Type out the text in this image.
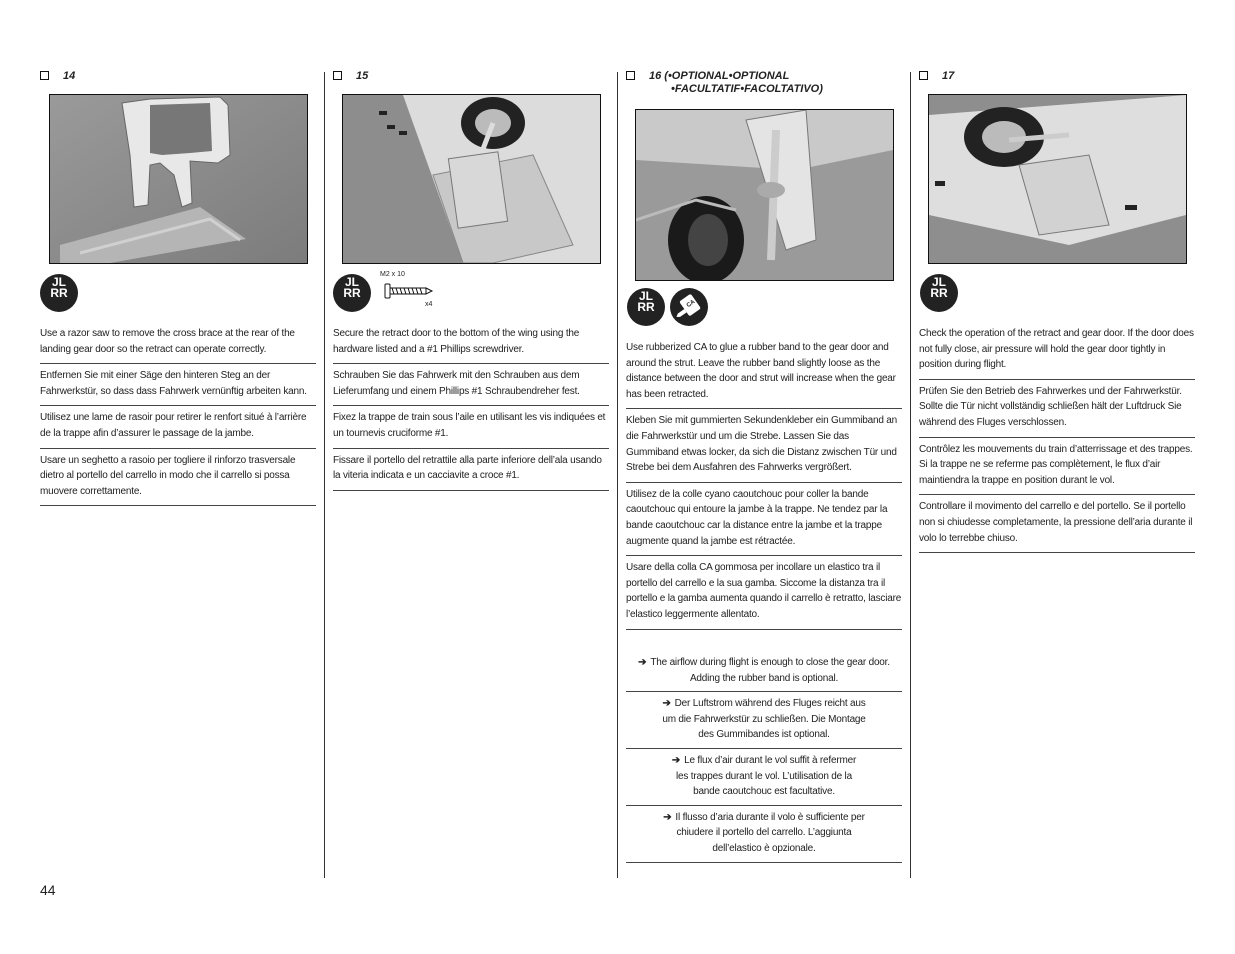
14
JL
RR

Use a razor saw to remove the cross brace at the rear of the landing gear door so the retract can operate correctly.

Entfernen Sie mit einer Säge den hinteren Steg an der Fahrwerkstür, so dass dass Fahrwerk vernünftig arbeiten kann.

Utilisez une lame de rasoir pour retirer le renfort situé à l’arrière de la trappe afin d’assurer le passage de la jambe.

Usare un seghetto a rasoio per togliere il rinforzo trasversale dietro al portello del carrello in modo che il carrello si possa muovere correttamente.

15
JL
RR
M2 x 10
x4

Secure the retract door to the bottom of the wing using the hardware listed and a #1 Phillips screwdriver.

Schrauben Sie das Fahrwerk mit den Schrauben aus dem Lieferumfang und einem Phillips #1 Schraubendreher fest.

Fixez la trappe de train sous l’aile en utilisant les vis indiquées et un tournevis cruciforme #1.

Fissare il portello del retrattile alla parte inferiore dell’ala usando la viteria indicata e un cacciavite a croce #1.

16 (•OPTIONAL•OPTIONAL
•FACULTATIF•FACOLTATIVO)
JL
RR	CA

Use rubberized CA to glue a rubber band to the gear door and around the strut. Leave the rubber band slightly loose as the distance between the door and strut will increase when the gear has been retracted.

Kleben Sie mit gummierten Sekundenkleber ein Gummiband an die Fahrwerkstür und um die Strebe. Lassen Sie das Gummiband etwas locker, da sich die Distanz zwischen Tür und Strebe bei dem Ausfahren des Fahrwerks vergrößert.

Utilisez de la colle cyano caoutchouc pour coller la bande caoutchouc qui entoure la jambe à la trappe. Ne tendez par la bande caoutchouc car la distance entre la jambe et la trappe augmente quand la jambe est rétractée.

Usare della colla CA gommosa per incollare un elastico tra il portello del carrello e la sua gamba. Siccome la distanza tra il portello e la gamba aumenta quando il carrello è retratto, lasciare l’elastico leggermente allentato.

➔ The airflow during flight is enough to close the gear door. Adding the rubber band is optional.
➔ Der Luftstrom während des Fluges reicht aus um die Fahrwerkstür zu schließen. Die Montage des Gummibandes ist optional.
➔ Le flux d’air durant le vol suffit à refermer les trappes durant le vol. L’utilisation de la bande caoutchouc est facultative.
➔ Il flusso d’aria durante il volo è sufficiente per chiudere il portello del carrello. L’aggiunta dell’elastico è opzionale.
17
JL
RR

Check the operation of the retract and gear door. If the door does not fully close, air pressure will hold the gear door tightly in position during flight.

Prüfen Sie den Betrieb des Fahrwerkes und der Fahrwerkstür. Sollte die Tür nicht vollständig schließen hält der Luftdruck Sie während des Fluges verschlossen.

Contrôlez les mouvements du train d’atterrissage et des trappes. Si la trappe ne se referme pas complètement, le flux d’air maintiendra la trappe en position durant le vol.

Controllare il movimento del carrello e del portello. Se il portello non si chiudesse completamente, la pressione dell’aria durante il volo lo terrebbe chiuso.

44
